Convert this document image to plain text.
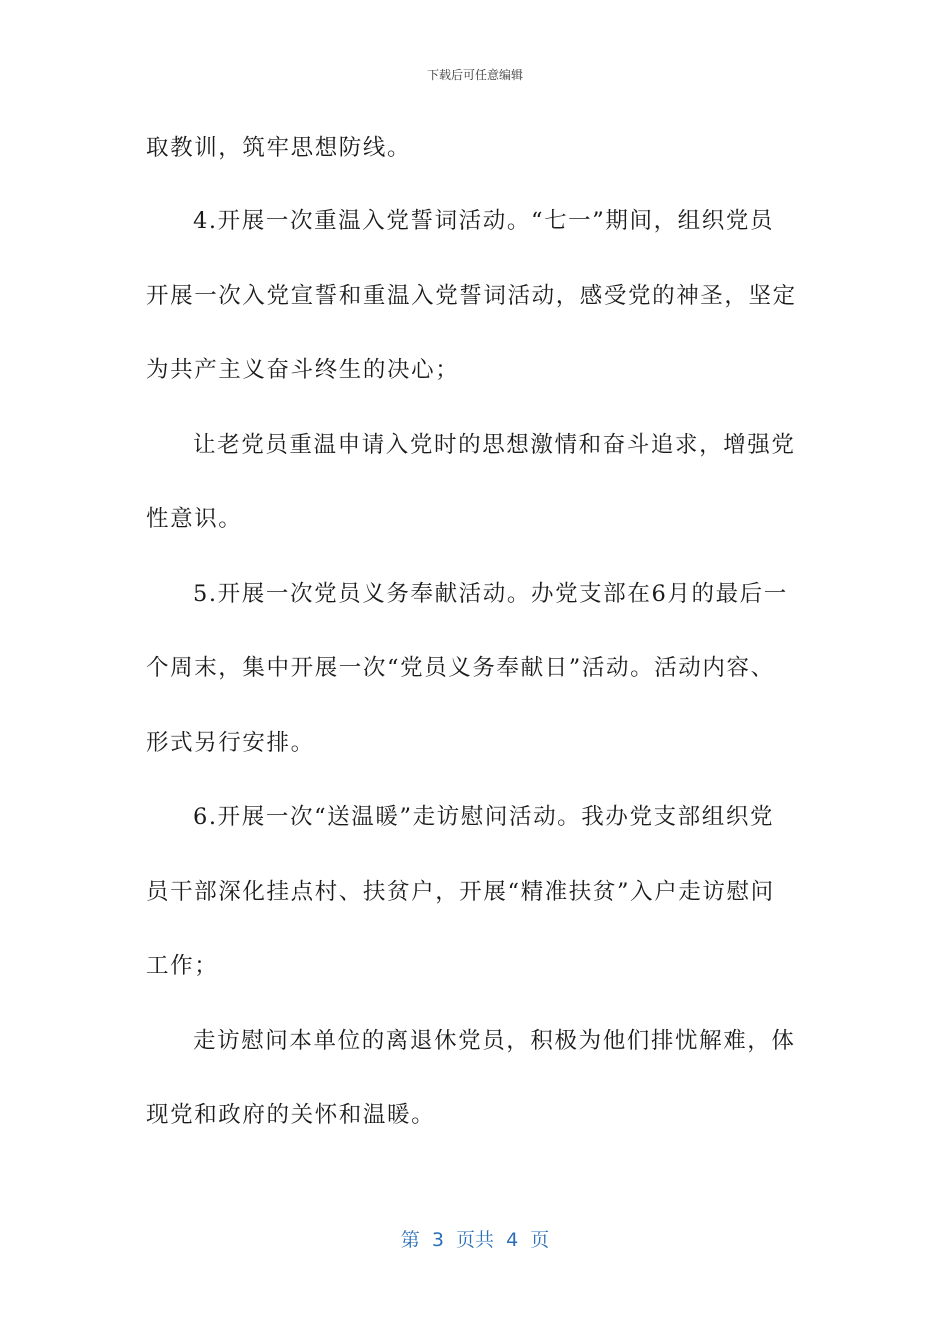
下载后可任意编辑
取教训，筑牢思想防线。
4.开展一次重温入党誓词活动。“七一”期间，组织党员
开展一次入党宣誓和重温入党誓词活动，感受党的神圣，坚定
为共产主义奋斗终生的决心；
让老党员重温申请入党时的思想激情和奋斗追求，增强党
性意识。
5.开展一次党员义务奉献活动。办党支部在6月的最后一
个周末，集中开展一次“党员义务奉献日”活动。活动内容、
形式另行安排。
6.开展一次“送温暖”走访慰问活动。我办党支部组织党
员干部深化挂点村、扶贫户，开展“精准扶贫”入户走访慰问
工作；
走访慰问本单位的离退休党员，积极为他们排忧解难，体
现党和政府的关怀和温暖。
第  3  页共  4  页
